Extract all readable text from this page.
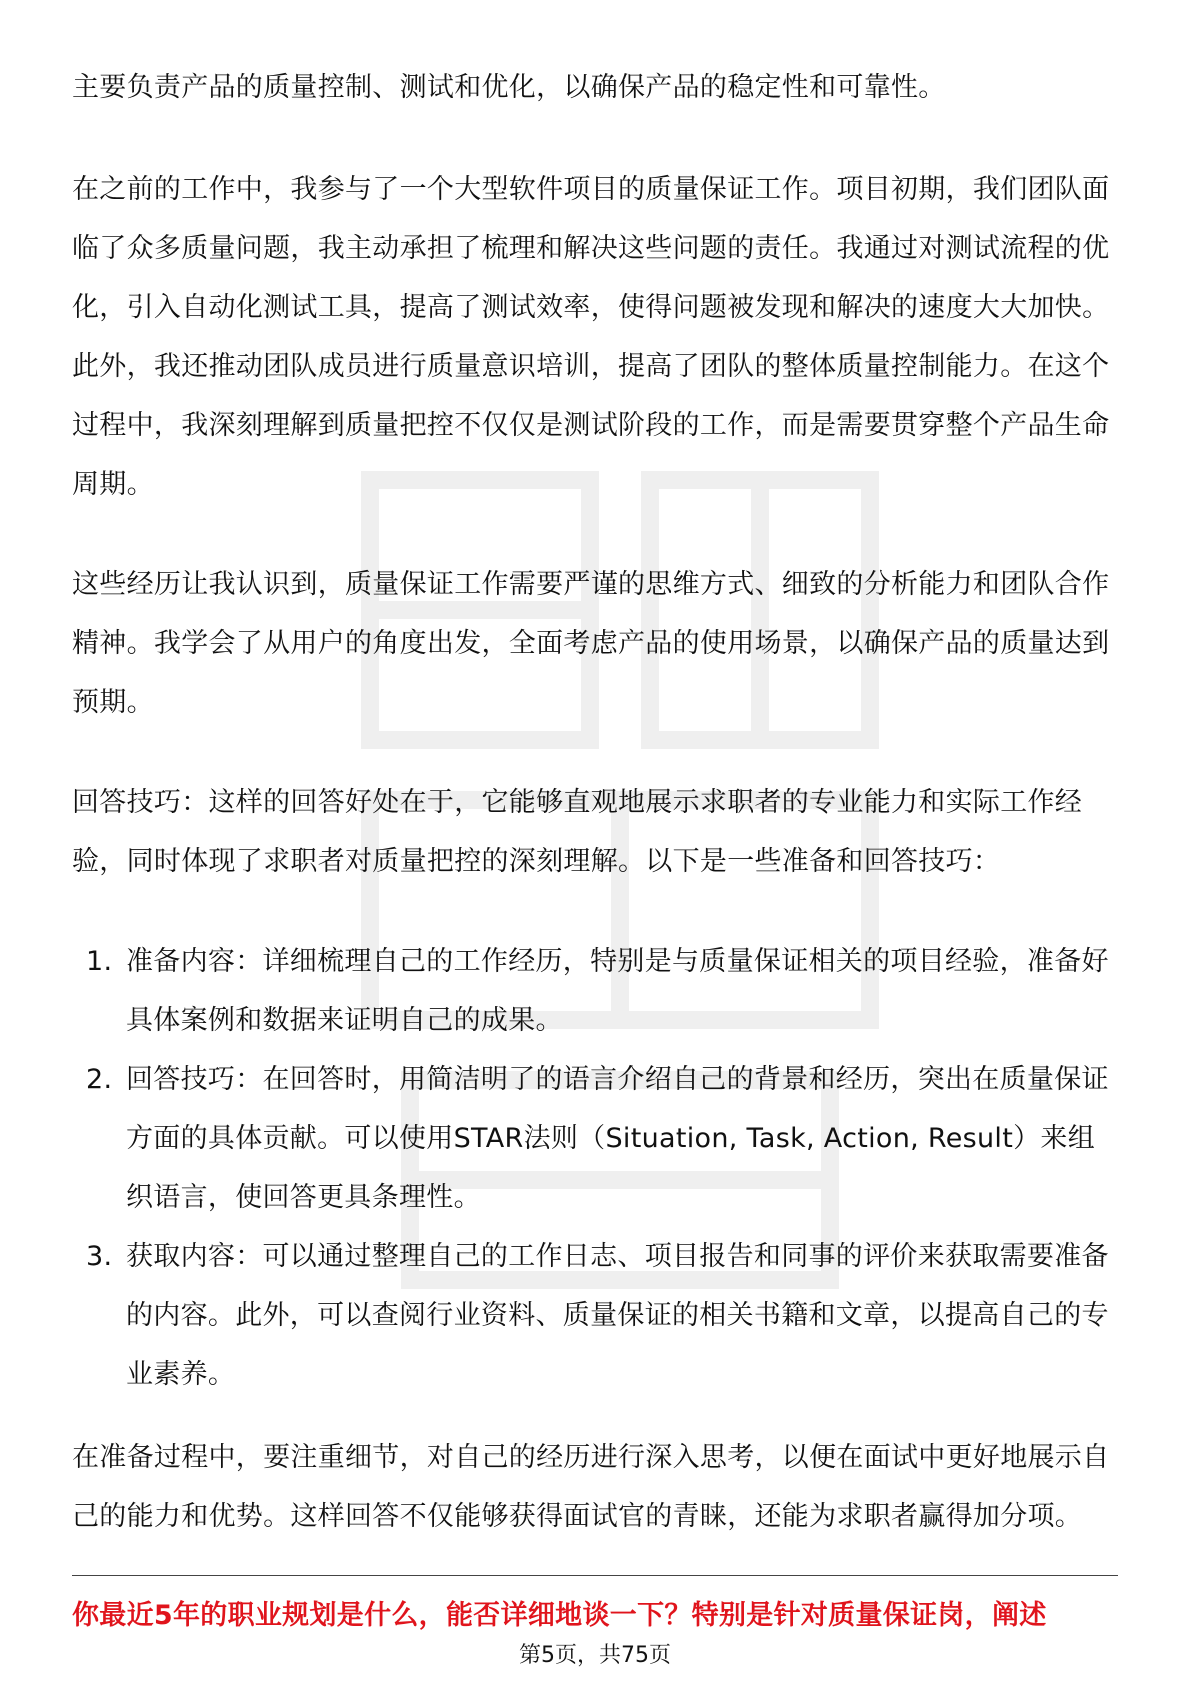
主要负责产品的质量控制、测试和优化，以确保产品的稳定性和可靠性。

在之前的工作中，我参与了一个大型软件项目的质量保证工作。项目初期，我们团队面临了众多质量问题，我主动承担了梳理和解决这些问题的责任。我通过对测试流程的优化，引入自动化测试工具，提高了测试效率，使得问题被发现和解决的速度大大加快。此外，我还推动团队成员进行质量意识培训，提高了团队的整体质量控制能力。在这个过程中，我深刻理解到质量把控不仅仅是测试阶段的工作，而是需要贯穿整个产品生命周期。

这些经历让我认识到，质量保证工作需要严谨的思维方式、细致的分析能力和团队合作精神。我学会了从用户的角度出发，全面考虑产品的使用场景，以确保产品的质量达到预期。

回答技巧：这样的回答好处在于，它能够直观地展示求职者的专业能力和实际工作经验，同时体现了求职者对质量把控的深刻理解。以下是一些准备和回答技巧：

1. 准备内容：详细梳理自己的工作经历，特别是与质量保证相关的项目经验，准备好具体案例和数据来证明自己的成果。
2. 回答技巧：在回答时，用简洁明了的语言介绍自己的背景和经历，突出在质量保证方面的具体贡献。可以使用STAR法则（Situation, Task, Action, Result）来组织语言，使回答更具条理性。
3. 获取内容：可以通过整理自己的工作日志、项目报告和同事的评价来获取需要准备的内容。此外，可以查阅行业资料、质量保证的相关书籍和文章，以提高自己的专业素养。

在准备过程中，要注重细节，对自己的经历进行深入思考，以便在面试中更好地展示自己的能力和优势。这样回答不仅能够获得面试官的青睐，还能为求职者赢得加分项。

你最近5年的职业规划是什么，能否详细地谈一下？特别是针对质量保证岗，阐述
第5页，共75页
